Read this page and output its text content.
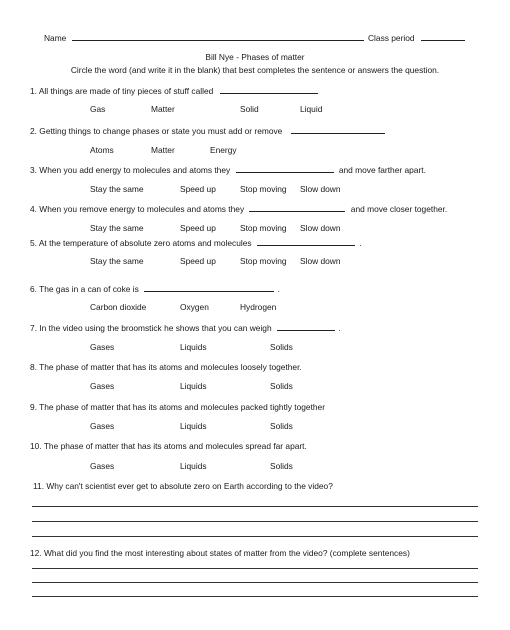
Name	Class period
Bill Nye - Phases of matter
Circle the word (and write it in the blank) that best completes the sentence or answers the question.
1. All things are made of tiny pieces of stuff called
Gas	Matter	Solid	Liquid
2. Getting things to change phases or state you must add or remove
Atoms	Matter	Energy
3. When you add energy to molecules and atoms they	and move farther apart.
Stay the same	Speed up	Stop moving Slow down
4. When you remove energy to molecules and atoms they	and move closer together.
Stay the same	Speed up	Stop moving Slow down
5. At the temperature of absolute zero atoms and molecules	.
Stay the same	Speed up	Stop moving Slow down
6. The gas in a can of coke is	.
Carbon dioxide	Oxygen	Hydrogen
7. In the video using the broomstick he shows that you can weigh	.
Gases	Liquids	Solids
8. The phase of matter that has its atoms and molecules loosely together.
Gases	Liquids	Solids
9. The phase of matter that has its atoms and molecules packed tightly together
Gases	Liquids	Solids
10. The phase of matter that has its atoms and molecules spread far apart.
Gases	Liquids	Solids
11. Why can't scientist ever get to absolute zero on Earth according to the video?
12. What did you find the most interesting about states of matter from the video? (complete sentences)
